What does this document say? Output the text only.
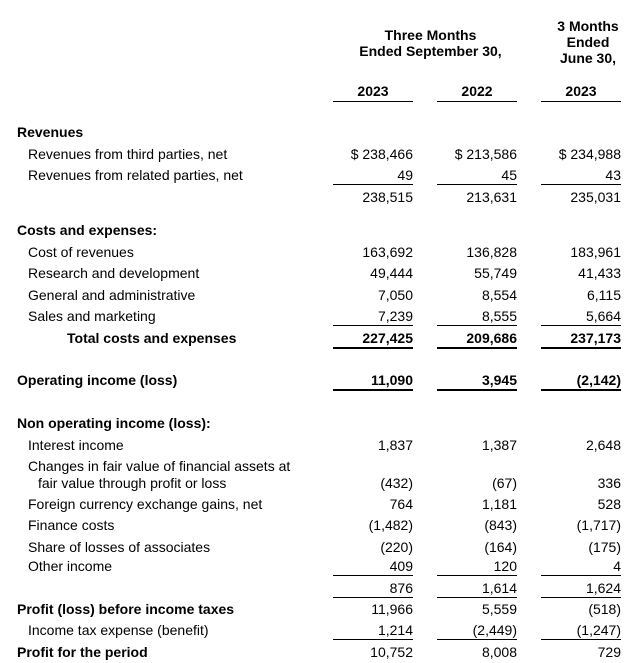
Three Months
Ended September 30,
3 Months
Ended
June 30,
2023	2022	2023
Revenues
Revenues from third parties, net	$ 238,466	$ 213,586	$ 234,988
Revenues from related parties, net	49	45	43
238,515	213,631	235,031
Costs and expenses:
Cost of revenues	163,692	136,828	183,961
Research and development	49,444	55,749	41,433
General and administrative	7,050	8,554	6,115
Sales and marketing	7,239	8,555	5,664
Total costs and expenses	227,425	209,686	237,173
Operating income (loss)	11,090	3,945	(2,142)
Non operating income (loss):
Interest income	1,837	1,387	2,648
Changes in fair value of financial assets at
fair value through profit or loss	(432)	(67)	336
Foreign currency exchange gains, net	764	1,181	528
Finance costs	(1,482)	(843)	(1,717)
Share of losses of associates	(220)	(164)	(175)
Other income	409	120	4
876	1,614	1,624
Profit (loss) before income taxes	11,966	5,559	(518)
Income tax expense (benefit)	1,214	(2,449)	(1,247)
Profit for the period	10,752	8,008	729
